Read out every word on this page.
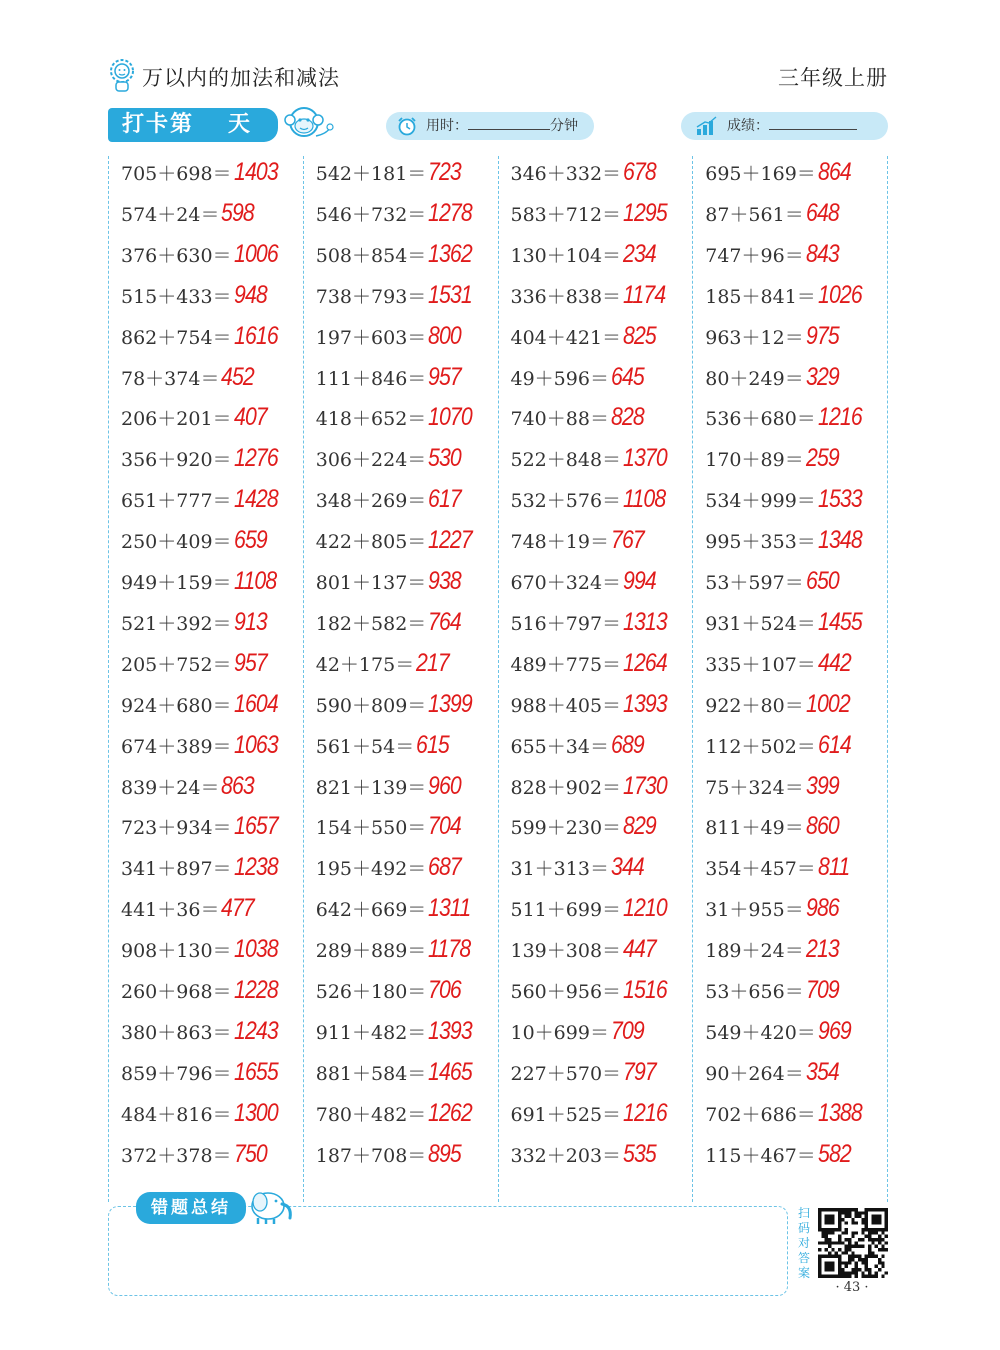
万以内的加法和减法	三年级上册
打卡第 天	用时：	分钟	成绩：
705＋698＝1403
574＋24＝598
376＋630＝1006
515＋433＝948
862＋754＝1616
78＋374＝452
206＋201＝407
356＋920＝1276
651＋777＝1428
250＋409＝659
949＋159＝1108
521＋392＝913
205＋752＝957
924＋680＝1604
674＋389＝1063
839＋24＝863
723＋934＝1657
341＋897＝1238
441＋36＝477
908＋130＝1038
260＋968＝1228
380＋863＝1243
859＋796＝1655
484＋816＝1300
372＋378＝750
542＋181＝723
546＋732＝1278
508＋854＝1362
738＋793＝1531
197＋603＝800
111＋846＝957
418＋652＝1070
306＋224＝530
348＋269＝617
422＋805＝1227
801＋137＝938
182＋582＝764
42＋175＝217
590＋809＝1399
561＋54＝615
821＋139＝960
154＋550＝704
195＋492＝687
642＋669＝1311
289＋889＝1178
526＋180＝706
911＋482＝1393
881＋584＝1465
780＋482＝1262
187＋708＝895
346＋332＝678
583＋712＝1295
130＋104＝234
336＋838＝1174
404＋421＝825
49＋596＝645
740＋88＝828
522＋848＝1370
532＋576＝1108
748＋19＝767
670＋324＝994
516＋797＝1313
489＋775＝1264
988＋405＝1393
655＋34＝689
828＋902＝1730
599＋230＝829
31＋313＝344
511＋699＝1210
139＋308＝447
560＋956＝1516
10＋699＝709
227＋570＝797
691＋525＝1216
332＋203＝535
695＋169＝864
87＋561＝648
747＋96＝843
185＋841＝1026
963＋12＝975
80＋249＝329
536＋680＝1216
170＋89＝259
534＋999＝1533
995＋353＝1348
53＋597＝650
931＋524＝1455
335＋107＝442
922＋80＝1002
112＋502＝614
75＋324＝399
811＋49＝860
354＋457＝811
31＋955＝986
189＋24＝213
53＋656＝709
549＋420＝969
90＋264＝354
702＋686＝1388
115＋467＝582
错题总结	扫码对答案
· 43 ·
